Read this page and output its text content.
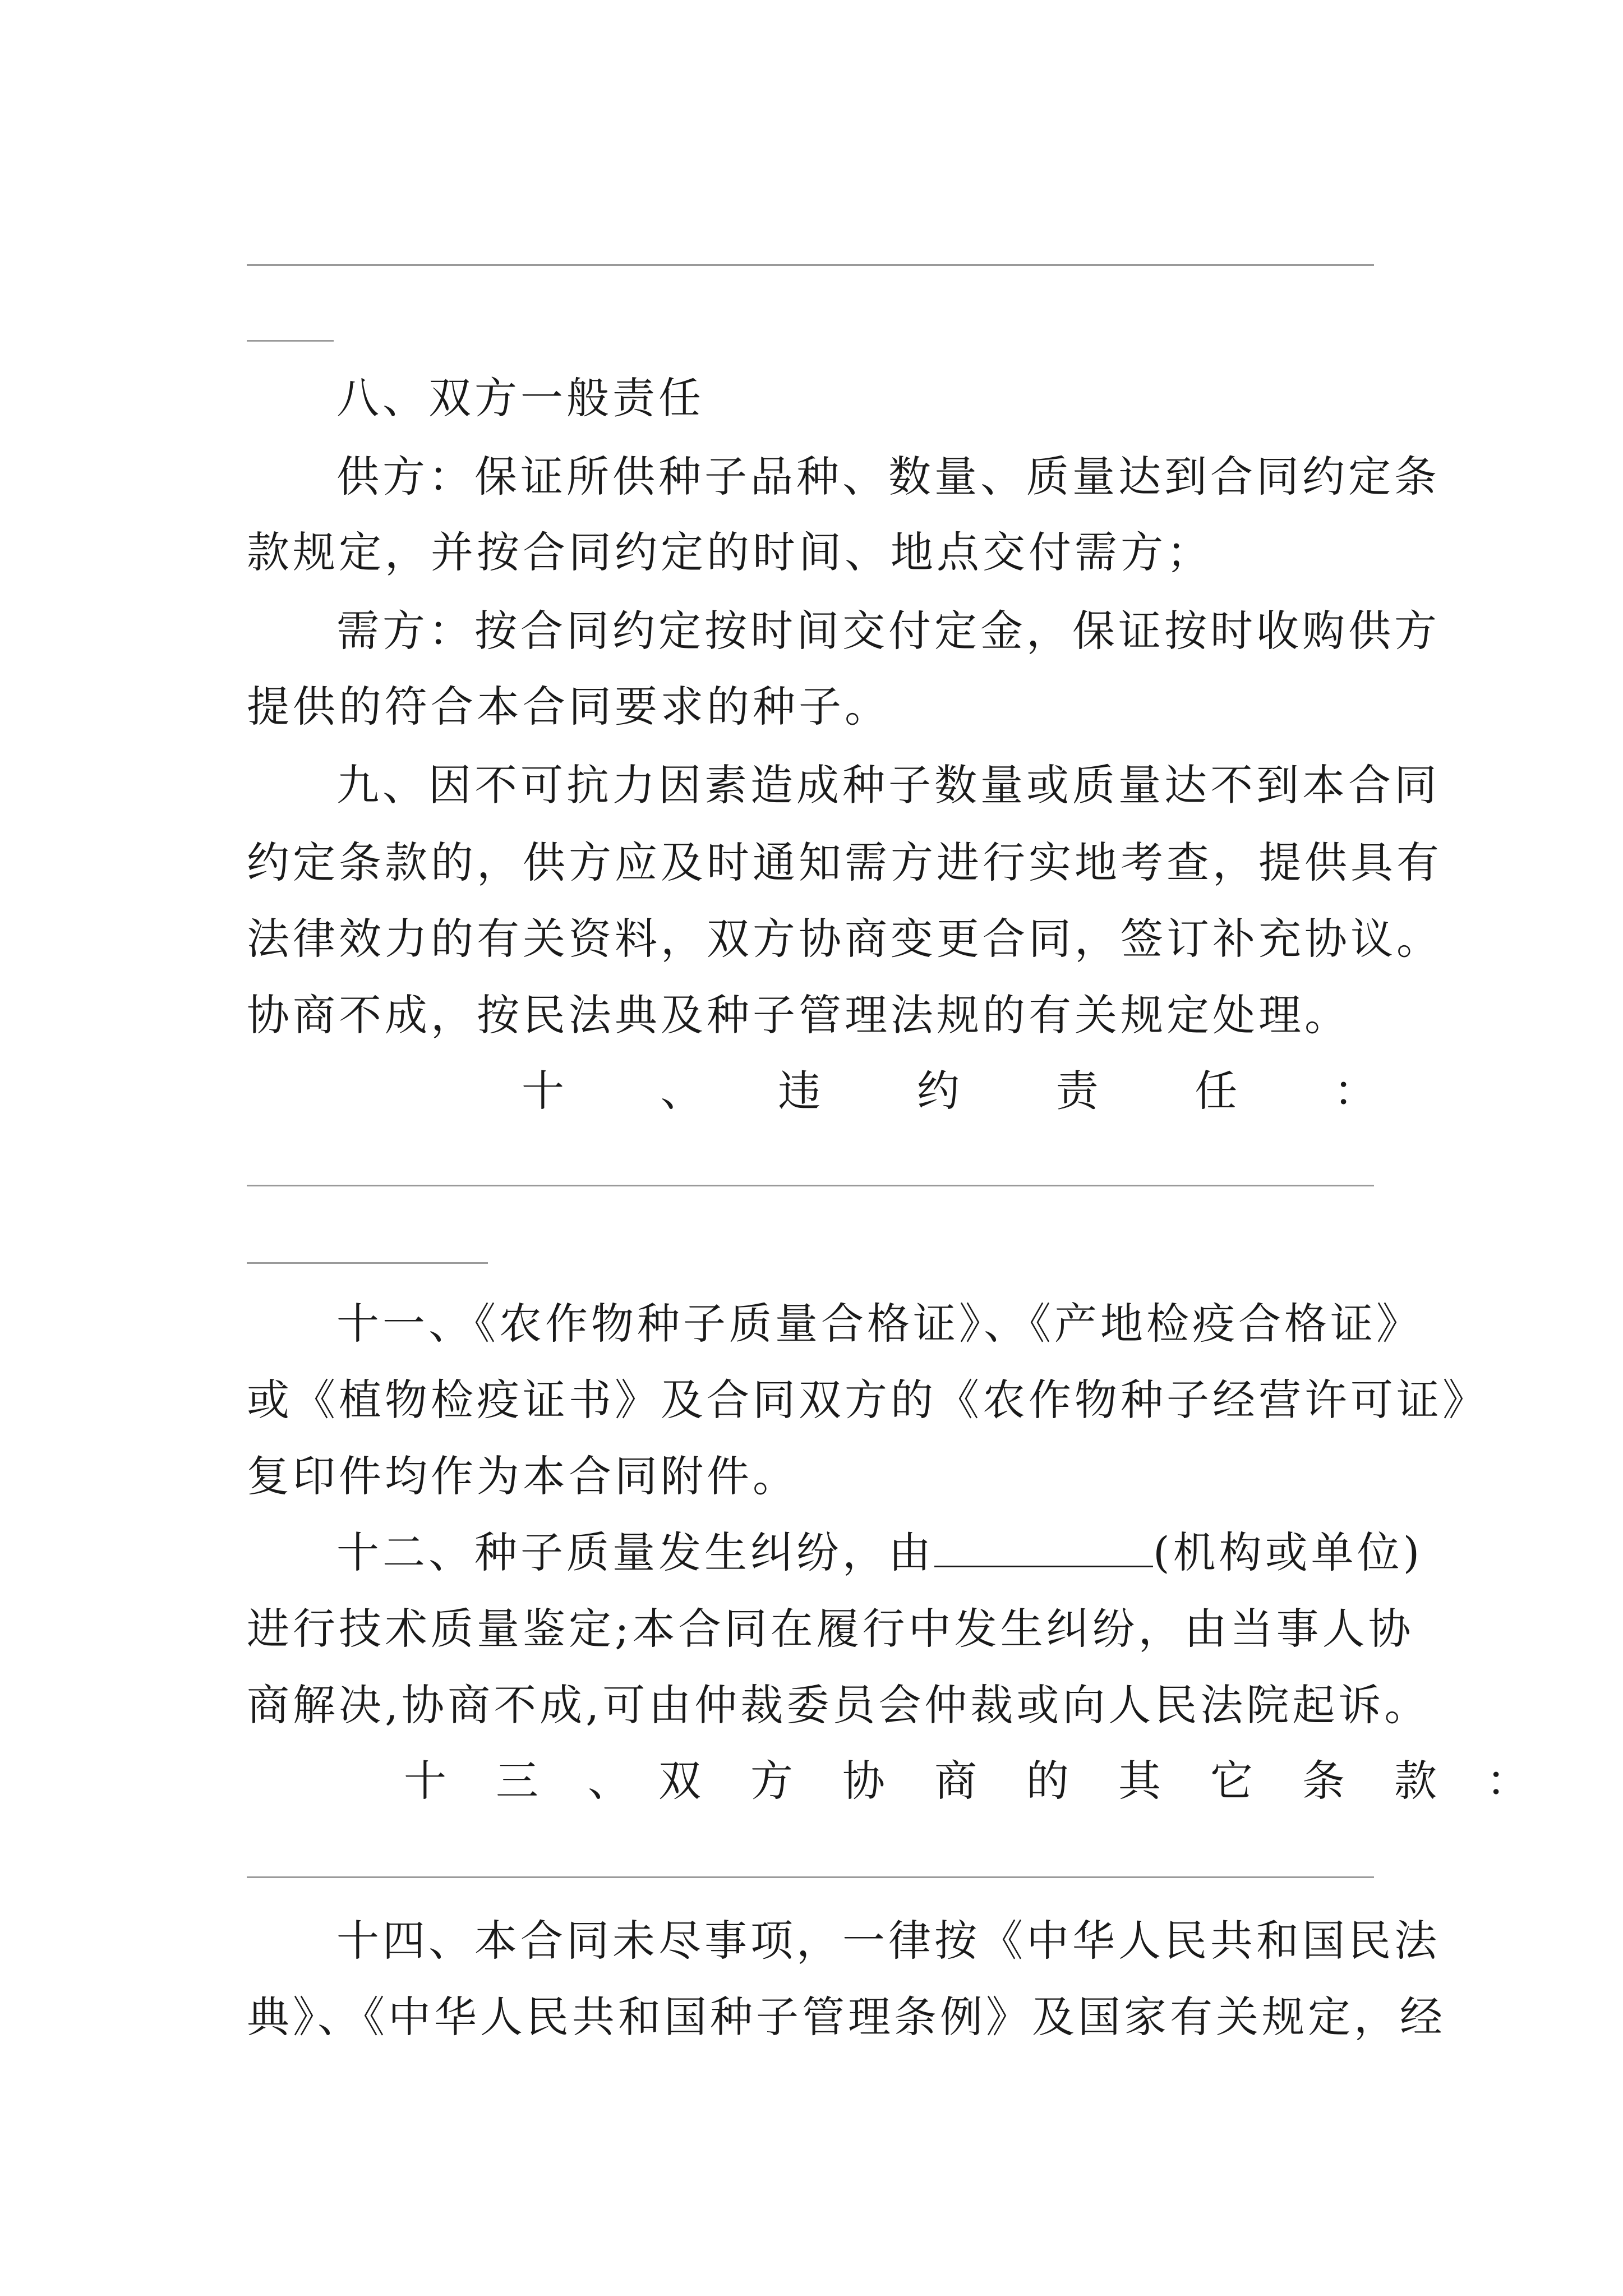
八、双方一般责任
供方：保证所供种子品种、数量、质量达到合同约定条
款规定，并按合同约定的时间、地点交付需方；
需方：按合同约定按时间交付定金，保证按时收购供方
提供的符合本合同要求的种子。
九、因不可抗力因素造成种子数量或质量达不到本合同
约定条款的，供方应及时通知需方进行实地考查，提供具有
法律效力的有关资料，双方协商变更合同，签订补充协议。
协商不成，按民法典及种子管理法规的有关规定处理。
十　、　违　约　责　任　：
十一、《农作物种子质量合格证》、《产地检疫合格证》
或《植物检疫证书》及合同双方的《农作物种子经营许可证》
复印件均作为本合同附件。
十二、种子质量发生纠纷，由	(机构或单位)
进行技术质量鉴定;本合同在履行中发生纠纷，由当事人协
商解决,协商不成,可由仲裁委员会仲裁或向人民法院起诉。
十　三　、　双　方　协　商　的　其　它　条　款　：
十四、本合同未尽事项，一律按《中华人民共和国民法
典》、《中华人民共和国种子管理条例》及国家有关规定，经
